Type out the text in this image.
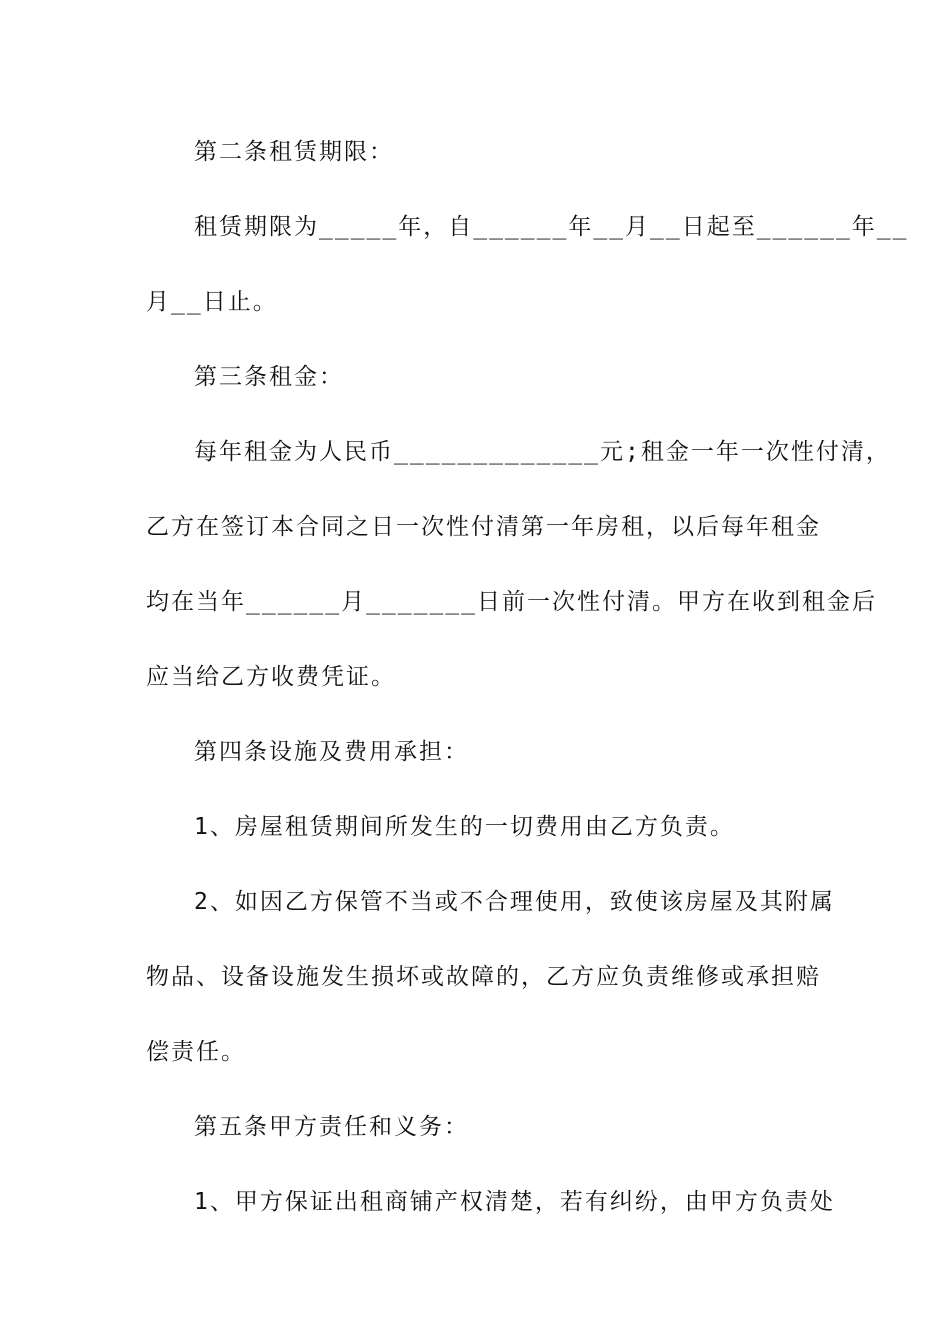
第二条租赁期限：

租赁期限为_____年，自______年__月__日起至______年__

月__日止。

第三条租金：

每年租金为人民币_____________元;租金一年一次性付清，

乙方在签订本合同之日一次性付清第一年房租，以后每年租金

均在当年______月_______日前一次性付清。甲方在收到租金后

应当给乙方收费凭证。

第四条设施及费用承担：

1、房屋租赁期间所发生的一切费用由乙方负责。

2、如因乙方保管不当或不合理使用，致使该房屋及其附属

物品、设备设施发生损坏或故障的，乙方应负责维修或承担赔

偿责任。

第五条甲方责任和义务：

1、甲方保证出租商铺产权清楚，若有纠纷，由甲方负责处
